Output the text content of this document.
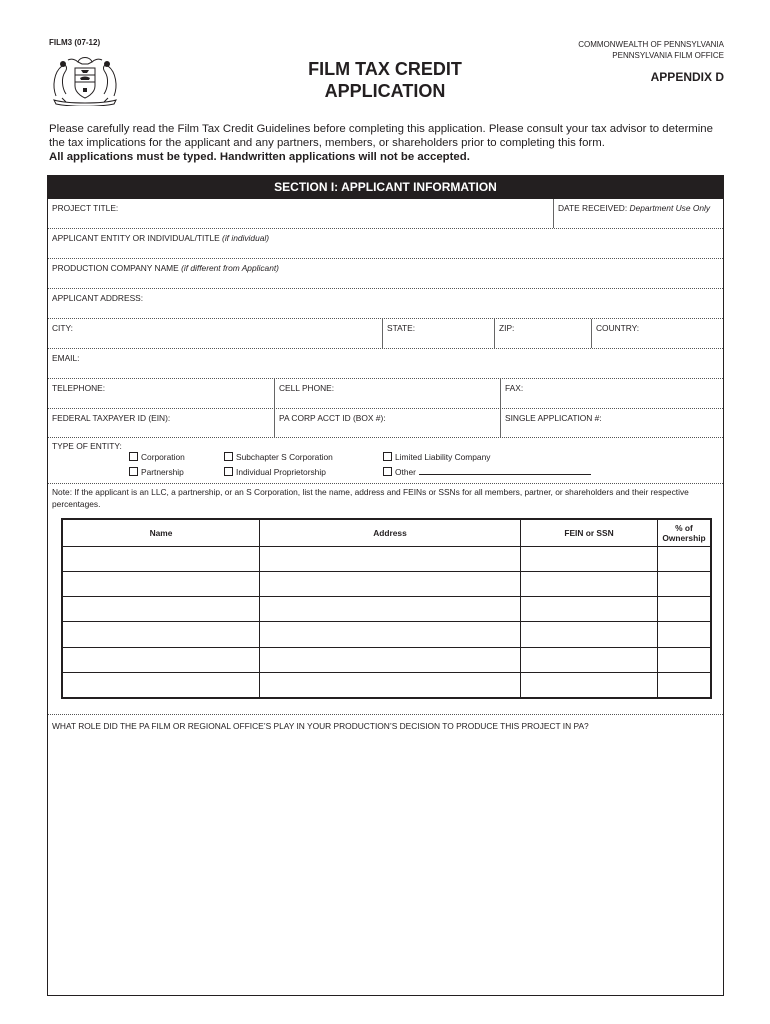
FILM3 (07-12)
FILM TAX CREDIT
APPLICATION
COMMONWEALTH OF PENNSYLVANIA
PENNSYLVANIA FILM OFFICE
APPENDIX D
Please carefully read the Film Tax Credit Guidelines before completing this application. Please consult your tax advisor to determine the tax implications for the applicant and any partners, members, or shareholders prior to completing this form.
All applications must be typed. Handwritten applications will not be accepted.
SECTION I: APPLICANT INFORMATION
PROJECT TITLE:	DATE RECEIVED: Department Use Only
APPLICANT ENTITY OR INDIVIDUAL/TITLE (if individual)
PRODUCTION COMPANY NAME (if different from Applicant)
APPLICANT ADDRESS:
CITY:	STATE:	ZIP:	COUNTRY:
EMAIL:
TELEPHONE:	CELL PHONE:	FAX:
FEDERAL TAXPAYER ID (EIN):	PA CORP ACCT ID (BOX #):	SINGLE APPLICATION #:
TYPE OF ENTITY:
Corporation	Subchapter S Corporation	Limited Liability Company
Partnership	Individual Proprietorship	Other
Note: If the applicant is an LLC, a partnership, or an S Corporation, list the name, address and FEINs or SSNs for all members, partner, or shareholders and their respective percentages.
Name	Address	FEIN or SSN	% of
Ownership

WHAT ROLE DID THE PA FILM OR REGIONAL OFFICE’S PLAY IN YOUR PRODUCTION’S DECISION TO PRODUCE THIS PROJECT IN PA?
